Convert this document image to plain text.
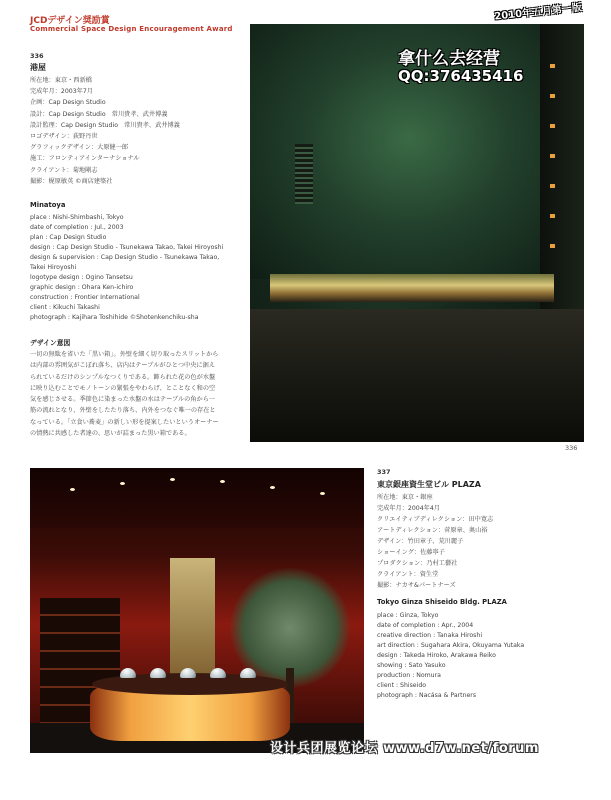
JCDデザイン奨励賞
Commercial Space Design Encouragement Award
336
港屋
所在地：東京・西新橋
完成年月：2003年7月
企画：Cap Design Studio
設計：Cap Design Studio　常川貴孝、武井博義
設計監理：Cap Design Studio　常川貴孝、武井博義
ロゴデザイン：荻野丹世
グラフィックデザイン：大原健一郎
施工：フロンティアインターナショナル
クライアント：菊地剛志
撮影：梶原敏英 ©商店建築社
Minatoya
place : Nishi-Shimbashi, Tokyo
date of completion : Jul., 2003
plan : Cap Design Studio
design : Cap Design Studio - Tsunekawa Takao, Takei Hiroyoshi
design & supervision : Cap Design Studio - Tsunekawa Takao,
Takei Hiroyoshi
logotype design : Ogino Tansetsu
graphic design : Ohara Ken-ichiro
construction : Frontier International
client : Kikuchi Takashi
photograph : Kajihara Toshihide ©Shotenkenchiku-sha
デザイン意図
一切の無駄を省いた「黒い箱」。外壁を細く切り取ったスリットから
は内部の雰囲気がこぼれ落ち、店内はテーブルがひとつ中央に据え
られているだけのシンプルなつくりである。飾られた花の色が水盤
に映り込むことでモノトーンの緊張をやわらげ、とことなく和の空
気を感じさせる。季節色に染まった水盤の水はテーブルの角から一
筋の流れとなり、外壁をしたたり落ち、内外をつなぐ唯一の存在と
なっている。「立食い蕎麦」の新しい形を提案したいというオーナー
の情熱に共感した者達の、思いが詰まった黒い箱である。
336
337
東京銀座資生堂ビル PLAZA
所在地：東京・銀座
完成年月：2004年4月
クリエイティブディレクション：田中寛志
アートディレクション：菅原章、奥山裕
デザイン：竹田章子、荒川麗子
ショーイング：佐藤寧子
プロダクション：乃村工藝社
クライアント：資生堂
撮影：ナカサ&パートナーズ
Tokyo Ginza Shiseido Bldg. PLAZA
place : Ginza, Tokyo
date of completion : Apr., 2004
creative direction : Tanaka Hiroshi
art direction : Sugahara Akira, Okuyama Yutaka
design : Takeda Hiroko, Arakawa Reiko
showing : Sato Yasuko
production : Nomura
client : Shiseido
photograph : Nacása & Partners
2010年五月第一版
拿什么去经营
QQ:376435416
设计兵团展览论坛 www.d7w.net/forum
